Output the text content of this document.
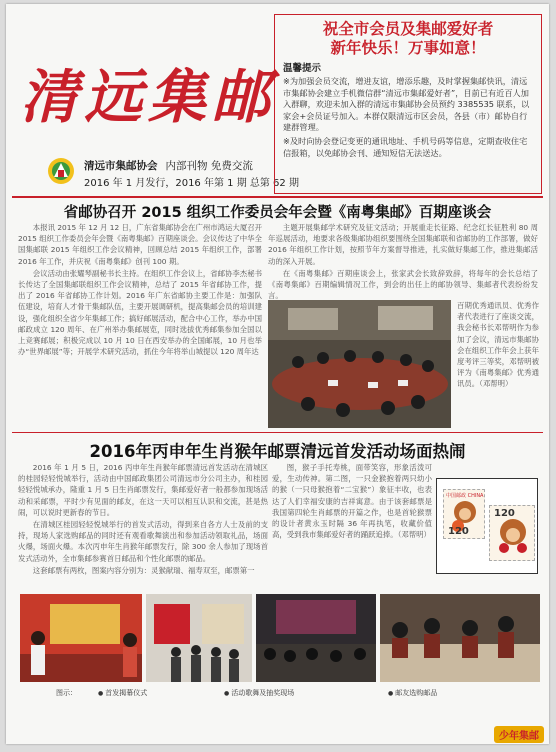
清远集邮
清远市集邮协会 内部刊物 免费交流
2016 年 1 月发行，2016 年第 1 期 总第 62 期
祝全市会员及集邮爱好者
新年快乐！万事如意！
温馨提示
※为加强会员交流，增进友谊，增添乐趣，及时掌握集邮快讯，清远市集邮协会建立手机微信群“清远市集邮爱好者”，目前已有近百人加入群聊，欢迎未加入群的清远市集邮协会员预约 3385535 联系，以家会+会员证号加入。本群仅限清远市区会员，各县（市）邮协自行建群管理。
※及时向协会登记变更的通讯地址、手机号码等信息，定期查收住宅信报箱，以免邮协会刊、通知短信无法送达。
省邮协召开 2015 组织工作委员会年会暨《南粤集邮》百期座谈会

本报讯 2015 年 12 月 12 日，广东省集邮协会在广州市鸿运大厦召开 2015 组织工作委员会年会暨《南粤集邮》百期座谈会。会议传达了中华全国集邮联 2015 年组织工作会议精神，回顾总结 2015 年组织工作，部署 2016 年工作，并庆祝《南粤集邮》创刊 100 期。

会议活动由张耀琴副秘书长主持。在组织工作会议上，省邮协李杰秘书长传达了全国集邮联组织工作会议精神，总结了 2015 年省邮协工作，提出了 2016 年省邮协工作计划。2016 年广东省邮协主要工作是：加强队伍建设，培育人才骨干集邮队伍，主要开展调研机，提高集邮会员的培训建设，强化组织全省少年集邮工作；搞好邮展活动，配合中心工作，举办中国邮政成立 120 周年、在广州举办集邮展览，同时选拔优秀邮集参加全国以上竞赛邮展；积极完成以 10 月 10 日在西安举办的全国邮展，10 月也举办“世界邮展”等；开展学术研究活动，抓住今年将举山城提以 120 周年达

主题开展集邮学术研究及征文活动；开展重走长征路、纪念红长征胜利 80 周年巡展活动，地要求各级集邮协组织要围绕全国集邮联和省邮协的工作部署，做好 2016 年组织工作计划，按照节年方案督导推进，扎实做好集邮工作，推进集邮活动的深入开展。

在《南粤集邮》百期座谈会上，张家武会长致辞致辞，将每年的会长总结了《南粤集邮》百期编辑情况工作，到会的出任上的邮协领导、集邮者代表纷纷发言。

百期优秀通讯员、优秀作者代表进行了座谈交流，我会秘书长邓帮明作为参加了会议，清远市集邮协会在组织工作年会上获年度考评三等奖，邓帮明被评为《南粤集邮》优秀通讯员。（邓帮明）
2016年丙申年生肖猴年邮票清远首发活动场面热闹

2016 年 1 月 5 日，2016 丙申年生肖猴年邮票清远首发活动在清城区的桂园轻轻悦城举行，活动由中国邮政集团公司清远市分公司主办，和桂园轻轻悦城承办，隆重 1 月 5 日生肖邮票发行，集邮爱好者一般都参加现场活动和采邮票，平时少有见面的邮友，在这一天可以相互认识和交流，甚是热闹，可以说时更新春的节日。

在清城区桂园轻轻悦城举行的首发式活动，得到来自各方人士及前的支持，现场人家选购邮品的同时还有观看歌舞演出和参加活动领取礼品，场面火爆，场面火爆。本次丙申年生肖猴年邮票发行，除 300 余人参加了现场首发式活动外，全市集邮参赛首日邮品和个性化邮票的邮品。

这套邮票有两枚，图案内容分别为：灵猴献瑞、福寿双至，邮票第一

图，猴子手托寿桃，面带笑容，形象活泼可爱，生动传神。第二图，一只金猴抱着两只幼小的猴（一只母猴抱着“二宝猴”）象征丰收，也表达了人们幸福安康的吉祥寓意。由于该套邮票是我国第四轮生肖邮票的开篇之作，也是首轮猴票的设计者黄永玉时隔 36 年再执笔，收藏价值高，受到我市集邮爱好者的踊跃追捧。（邓帮明）

中国邮政 CHINA
120
120
图示：	● 首发揭幕仪式	● 活动歌舞及抽奖现场	● 邮友选购邮品
少年集邮
